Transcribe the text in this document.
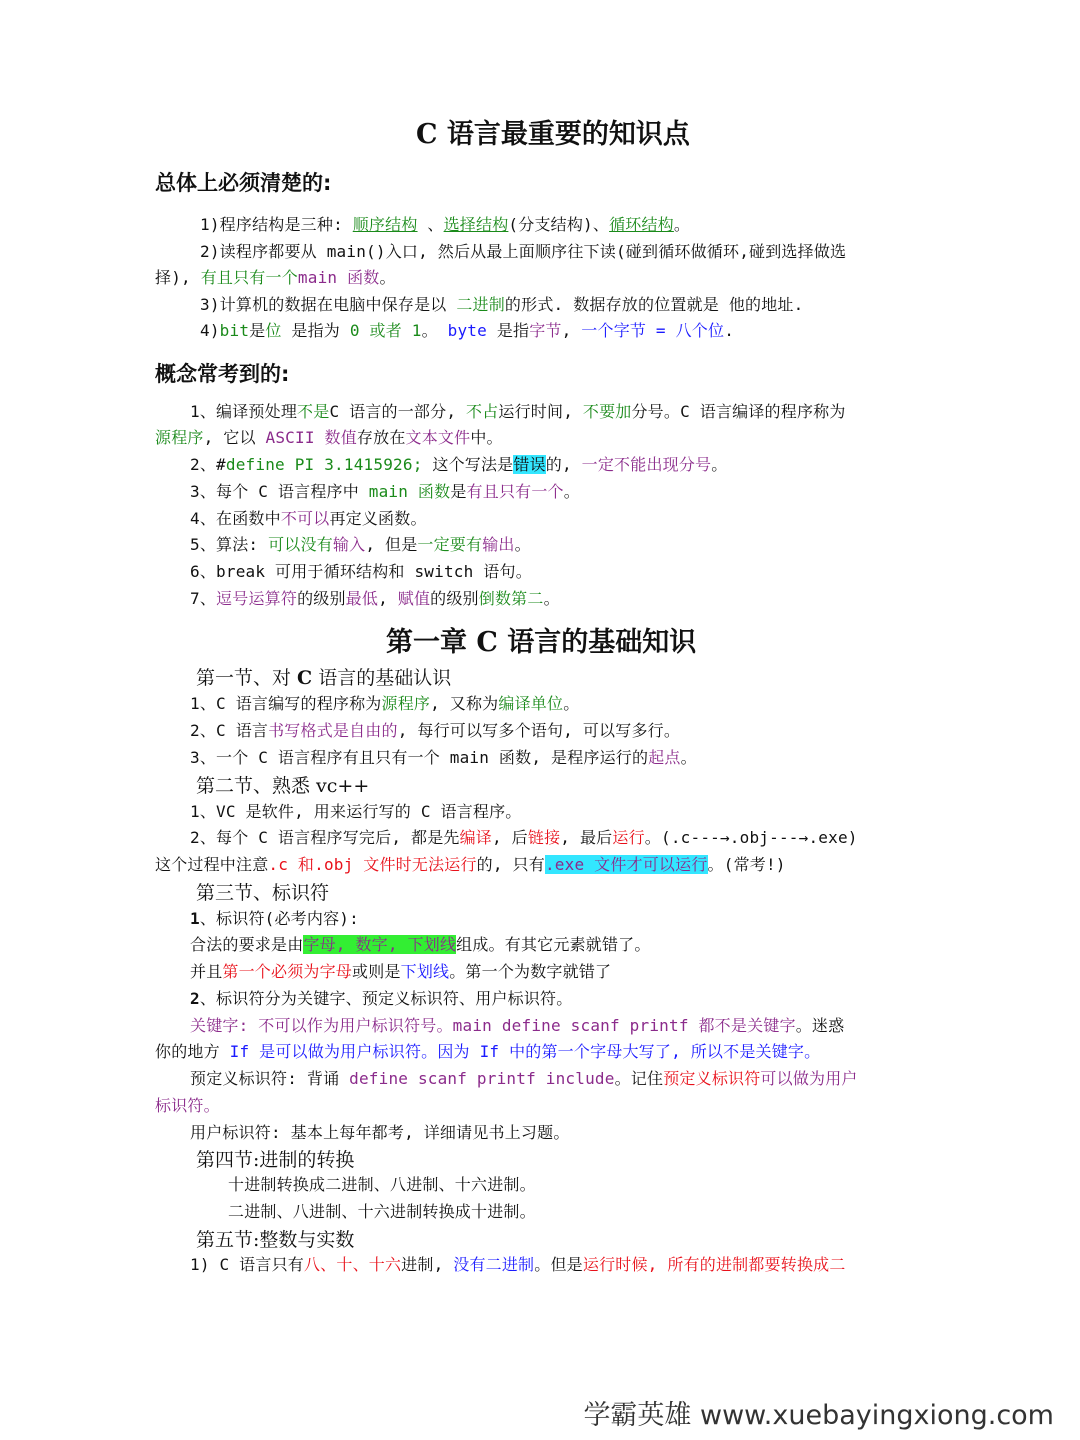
C 语言最重要的知识点
总体上必须清楚的:
1)程序结构是三种: 顺序结构 、选择结构(分支结构)、循环结构。
2)读程序都要从 main()入口, 然后从最上面顺序往下读(碰到循环做循环,碰到选择做选
择), 有且只有一个main 函数。
3)计算机的数据在电脑中保存是以 二进制的形式. 数据存放的位置就是 他的地址.
4)bit是位 是指为 0 或者 1。 byte 是指字节, 一个字节 = 八个位.
概念常考到的:
1、编译预处理不是C 语言的一部分, 不占运行时间, 不要加分号。C 语言编译的程序称为
源程序, 它以 ASCII 数值存放在文本文件中。
2、#define PI 3.1415926; 这个写法是错误的, 一定不能出现分号。
3、每个 C 语言程序中 main 函数是有且只有一个。
4、在函数中不可以再定义函数。
5、算法: 可以没有输入, 但是一定要有输出。
6、break 可用于循环结构和 switch 语句。
7、逗号运算符的级别最低, 赋值的级别倒数第二。
第一章 C 语言的基础知识
第一节、对 C 语言的基础认识
1、C 语言编写的程序称为源程序, 又称为编译单位。
2、C 语言书写格式是自由的, 每行可以写多个语句, 可以写多行。
3、一个 C 语言程序有且只有一个 main 函数, 是程序运行的起点。
第二节、熟悉 vc++
1、VC 是软件, 用来运行写的 C 语言程序。
2、每个 C 语言程序写完后, 都是先编译, 后链接, 最后运行。(.c---→.obj---→.exe)
这个过程中注意.c 和.obj 文件时无法运行的, 只有.exe 文件才可以运行。(常考!)
第三节、标识符
1、标识符(必考内容):
合法的要求是由字母, 数字, 下划线组成。有其它元素就错了。
并且第一个必须为字母或则是下划线。第一个为数字就错了
2、标识符分为关键字、预定义标识符、用户标识符。
关键字: 不可以作为用户标识符号。main define scanf printf 都不是关键字。迷惑
你的地方 If 是可以做为用户标识符。因为 If 中的第一个字母大写了, 所以不是关键字。
预定义标识符: 背诵 define scanf printf include。记住预定义标识符可以做为用户
标识符。
用户标识符: 基本上每年都考, 详细请见书上习题。
第四节:进制的转换
十进制转换成二进制、八进制、十六进制。
二进制、八进制、十六进制转换成十进制。
第五节:整数与实数
1) C 语言只有八、十、十六进制, 没有二进制。但是运行时候, 所有的进制都要转换成二
学霸英雄 www.xuebayingxiong.com
